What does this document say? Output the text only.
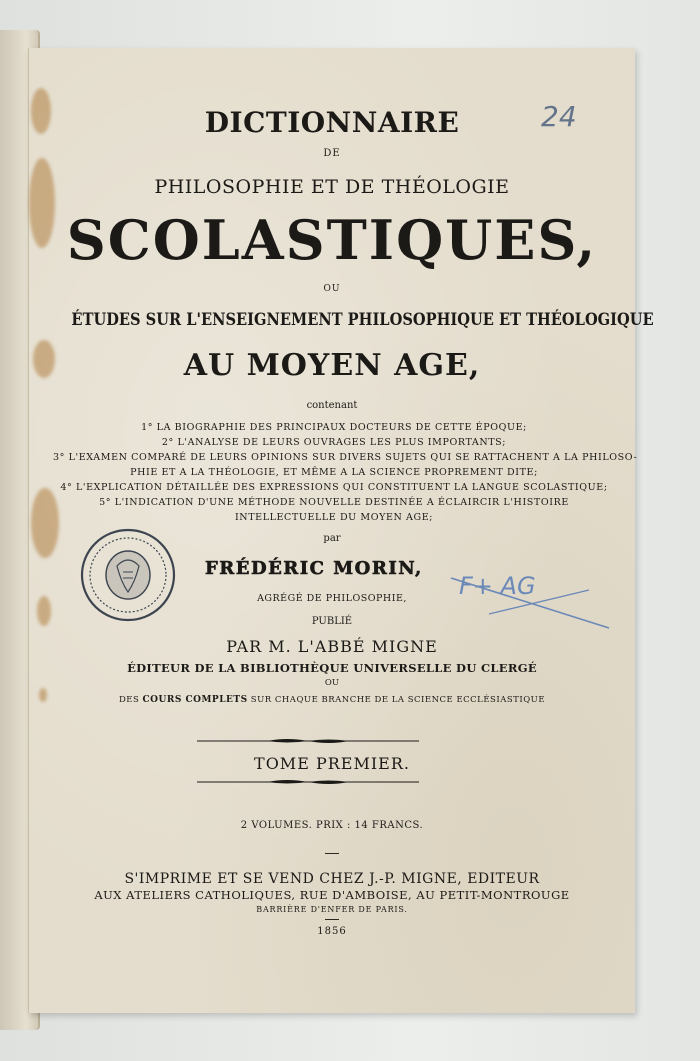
DICTIONNAIRE
DE
PHILOSOPHIE ET DE THÉOLOGIE
SCOLASTIQUES,
OU
ÉTUDES SUR L'ENSEIGNEMENT PHILOSOPHIQUE ET THÉOLOGIQUE
AU MOYEN AGE,
contenant
1° LA BIOGRAPHIE DES PRINCIPAUX DOCTEURS DE CETTE ÉPOQUE;
2° L'ANALYSE DE LEURS OUVRAGES LES PLUS IMPORTANTS;
3° L'EXAMEN COMPARÉ DE LEURS OPINIONS SUR DIVERS SUJETS QUI SE RATTACHENT A LA PHILOSO-
PHIE ET A LA THÉOLOGIE, ET MÊME A LA SCIENCE PROPREMENT DITE;
4° L'EXPLICATION DÉTAILLÉE DES EXPRESSIONS QUI CONSTITUENT LA LANGUE SCOLASTIQUE;
5° L'INDICATION D'UNE MÉTHODE NOUVELLE DESTINÉE A ÉCLAIRCIR L'HISTOIRE
INTELLECTUELLE DU MOYEN AGE;
par
FRÉDÉRIC MORIN,
AGRÉGÉ DE PHILOSOPHIE,
PUBLIÉ
PAR M. L'ABBÉ MIGNE
ÉDITEUR DE LA BIBLIOTHÈQUE UNIVERSELLE DU CLERGÉ
OU
DES COURS COMPLETS SUR CHAQUE BRANCHE DE LA SCIENCE ECCLÉSIASTIQUE
TOME PREMIER.
2 VOLUMES. PRIX : 14 FRANCS.
S'IMPRIME ET SE VEND CHEZ J.-P. MIGNE, EDITEUR
AUX ATELIERS CATHOLIQUES, RUE D'AMBOISE, AU PETIT-MONTROUGE
BARRIÈRE D'ENFER DE PARIS.
1856
24
F+ AG
